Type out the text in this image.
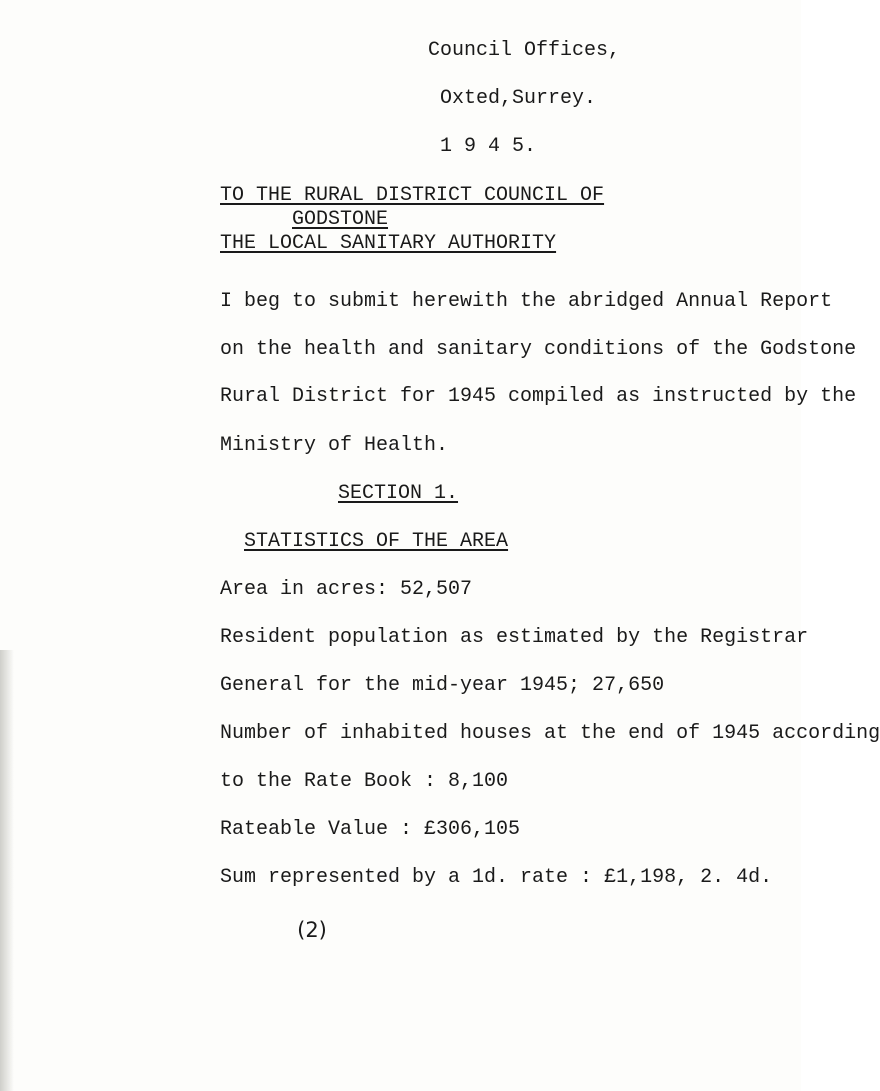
Council Offices,
Oxted,Surrey.
1 9 4 5.
TO THE RURAL DISTRICT COUNCIL OF
GODSTONE
THE LOCAL SANITARY AUTHORITY
I beg to submit herewith the abridged Annual Report
on the health and sanitary conditions of the Godstone
Rural District for 1945 compiled as instructed by the
Ministry of Health.
SECTION 1.
STATISTICS OF THE AREA
Area in acres: 52,507
Resident population as estimated by the Registrar
General for the mid-year 1945; 27,650
Number of inhabited houses at the end of 1945 according
to the Rate Book : 8,100
Rateable Value : £306,105
Sum represented by a 1d. rate : £1,198, 2. 4d.
(2)
